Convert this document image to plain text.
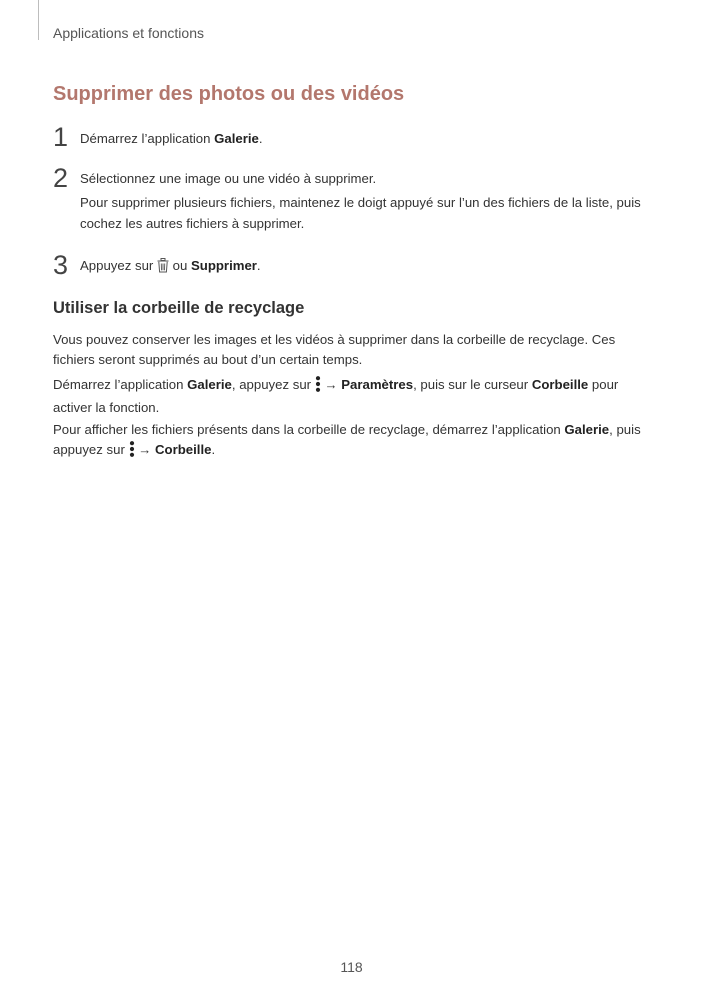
Applications et fonctions
Supprimer des photos ou des vidéos
1 Démarrez l’application Galerie.

2 Sélectionnez une image ou une vidéo à supprimer.

Pour supprimer plusieurs fichiers, maintenez le doigt appuyé sur l’un des fichiers de la liste, puis cochez les autres fichiers à supprimer.

3 Appuyez sur  ou Supprimer.

Utiliser la corbeille de recyclage

Vous pouvez conserver les images et les vidéos à supprimer dans la corbeille de recyclage. Ces fichiers seront supprimés au bout d’un certain temps.

Démarrez l’application Galerie, appuyez sur  → Paramètres, puis sur le curseur Corbeille pour activer la fonction.

Pour afficher les fichiers présents dans la corbeille de recyclage, démarrez l’application Galerie, puis appuyez sur  → Corbeille.

118
